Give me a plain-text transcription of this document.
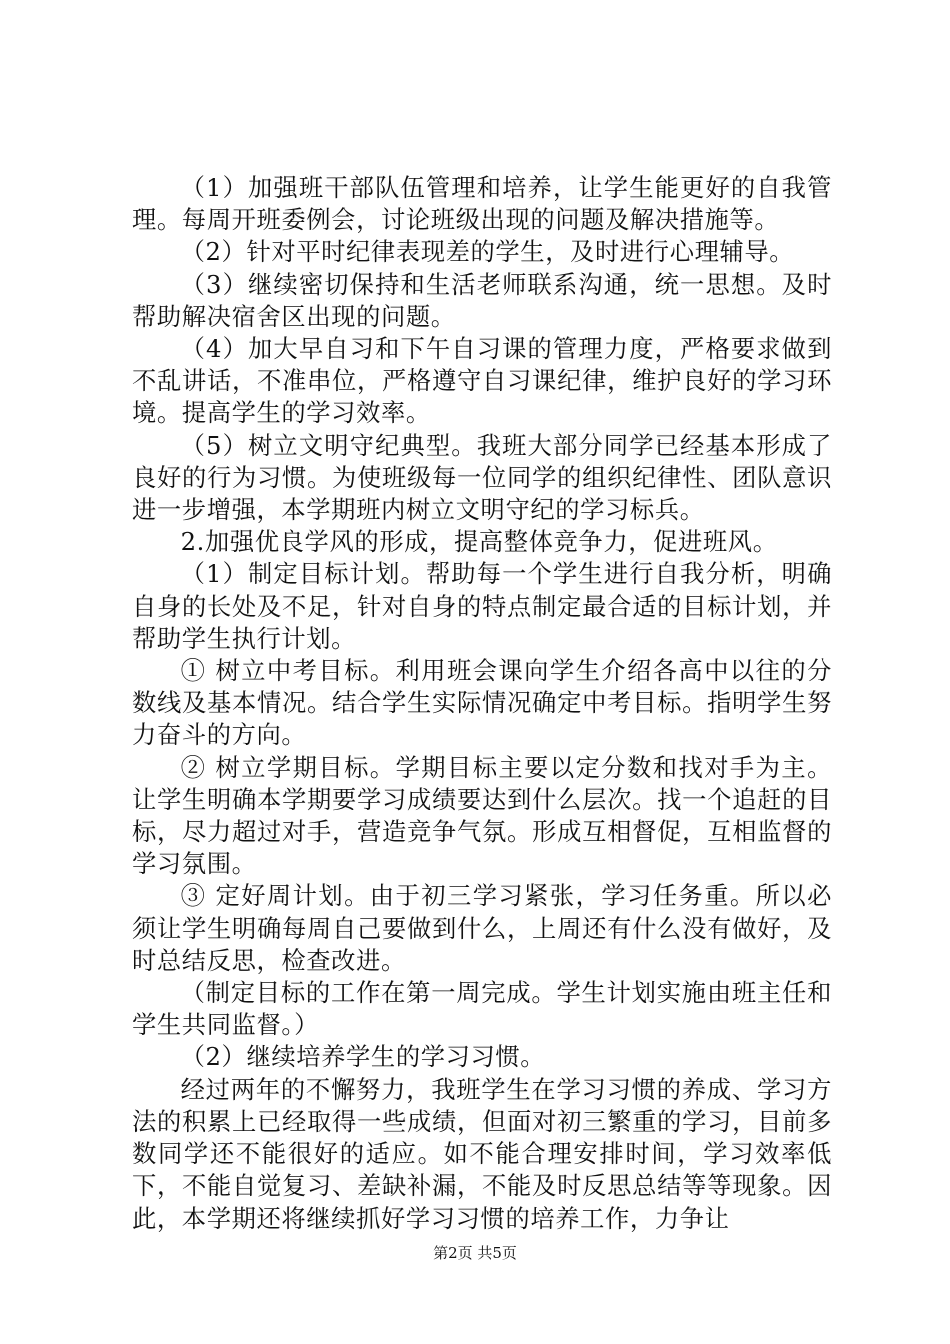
（1）加强班干部队伍管理和培养，让学生能更好的自我管理。每周开班委例会，讨论班级出现的问题及解决措施等。

（2）针对平时纪律表现差的学生，及时进行心理辅导。

（3）继续密切保持和生活老师联系沟通，统一思想。及时帮助解决宿舍区出现的问题。

（4）加大早自习和下午自习课的管理力度，严格要求做到不乱讲话，不准串位，严格遵守自习课纪律，维护良好的学习环境。提高学生的学习效率。

（5）树立文明守纪典型。我班大部分同学已经基本形成了良好的行为习惯。为使班级每一位同学的组织纪律性、团队意识进一步增强，本学期班内树立文明守纪的学习标兵。

2.加强优良学风的形成，提高整体竞争力，促进班风。

（1）制定目标计划。帮助每一个学生进行自我分析，明确自身的长处及不足，针对自身的特点制定最合适的目标计划，并帮助学生执行计划。

① 树立中考目标。利用班会课向学生介绍各高中以往的分数线及基本情况。结合学生实际情况确定中考目标。指明学生努力奋斗的方向。

② 树立学期目标。学期目标主要以定分数和找对手为主。让学生明确本学期要学习成绩要达到什么层次。找一个追赶的目标，尽力超过对手，营造竞争气氛。形成互相督促，互相监督的学习氛围。

③ 定好周计划。由于初三学习紧张，学习任务重。所以必须让学生明确每周自己要做到什么，上周还有什么没有做好，及时总结反思，检查改进。

（制定目标的工作在第一周完成。学生计划实施由班主任和学生共同监督。）

（2）继续培养学生的学习习惯。

经过两年的不懈努力，我班学生在学习习惯的养成、学习方法的积累上已经取得一些成绩，但面对初三繁重的学习，目前多数同学还不能很好的适应。如不能合理安排时间，学习效率低下，不能自觉复习、差缺补漏，不能及时反思总结等等现象。因此，本学期还将继续抓好学习习惯的培养工作，力争让

第2页 共5页
